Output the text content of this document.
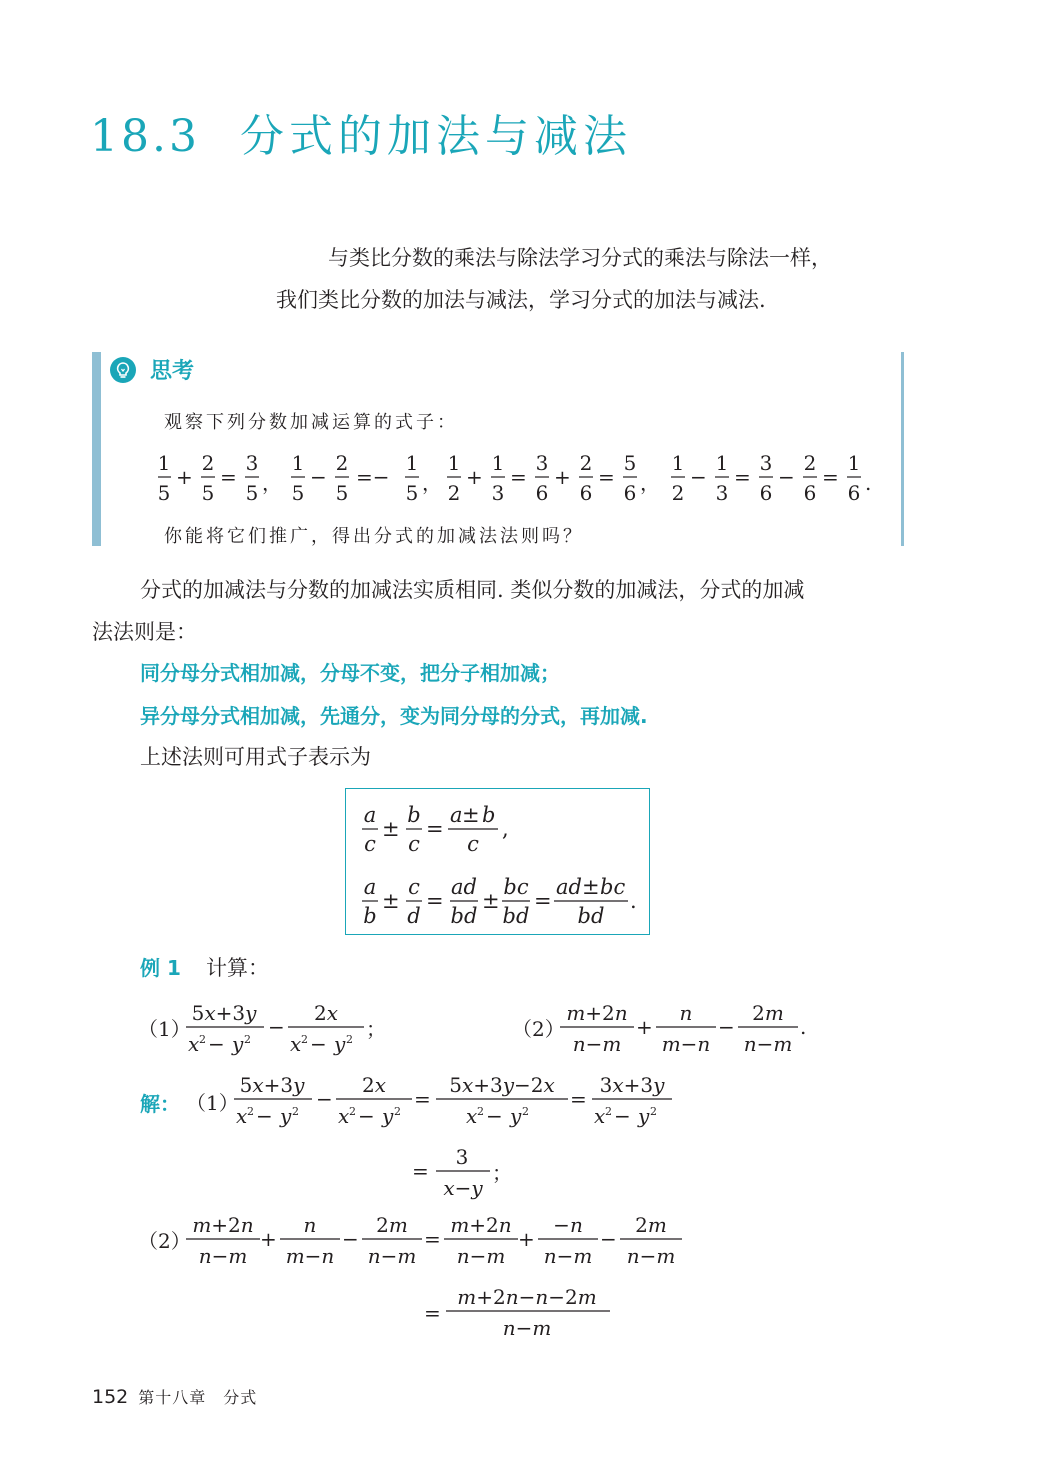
18.3 分式的加法与减法
与类比分数的乘法与除法学习分式的乘法与除法一样，
我们类比分数的加法与减法，学习分式的加法与减法.
思考
观察下列分数加减运算的式子：
1
5
+
2
5
=
3
5 ，
1
5
−
2
5
=−
1
5 ，
1
2
+
1
3
=
3
6
+
2
6
=
5
6 ，
1
2
−
1
3
=
3
6
−
2
6
=
1
6 .
你能将它们推广，得出分式的加减法法则吗？
分式的加减法与分数的加减法实质相同. 类似分数的加减法，分式的加减
法法则是：
同分母分式相加减，分母不变，把分子相加减；
异分母分式相加减，先通分，变为同分母的分式，再加减.
上述法则可用式子表示为
a
c
±
b
c
=
a ± b
c
,
a
b
±
c
d
=
ad
bd
±
bc
bd
=
ad ± bc
bd
.
例 1 计算：
（1）
5x+3y
x 2 − y 2
−
2x
x 2 − y 2 ；	（2）
m+2n
n−m
+
n
m−n
−
2m
n−m
.
（1）
5x+3y
x 2 − y 2
−
2x
x 2 − y 2
=
5x+3y−2x
x 2 − y 2
=
3x+3y
x 2 − y 2
=
3
x−y
；
（2）
m+2n
n−m
+
n
m−n
−
2m
n−m
=
m+2n
n−m
+
−n
n−m
−
2m
n−m
=
m+2n−n−2m
n−m
解：
152 第十八章　分式
